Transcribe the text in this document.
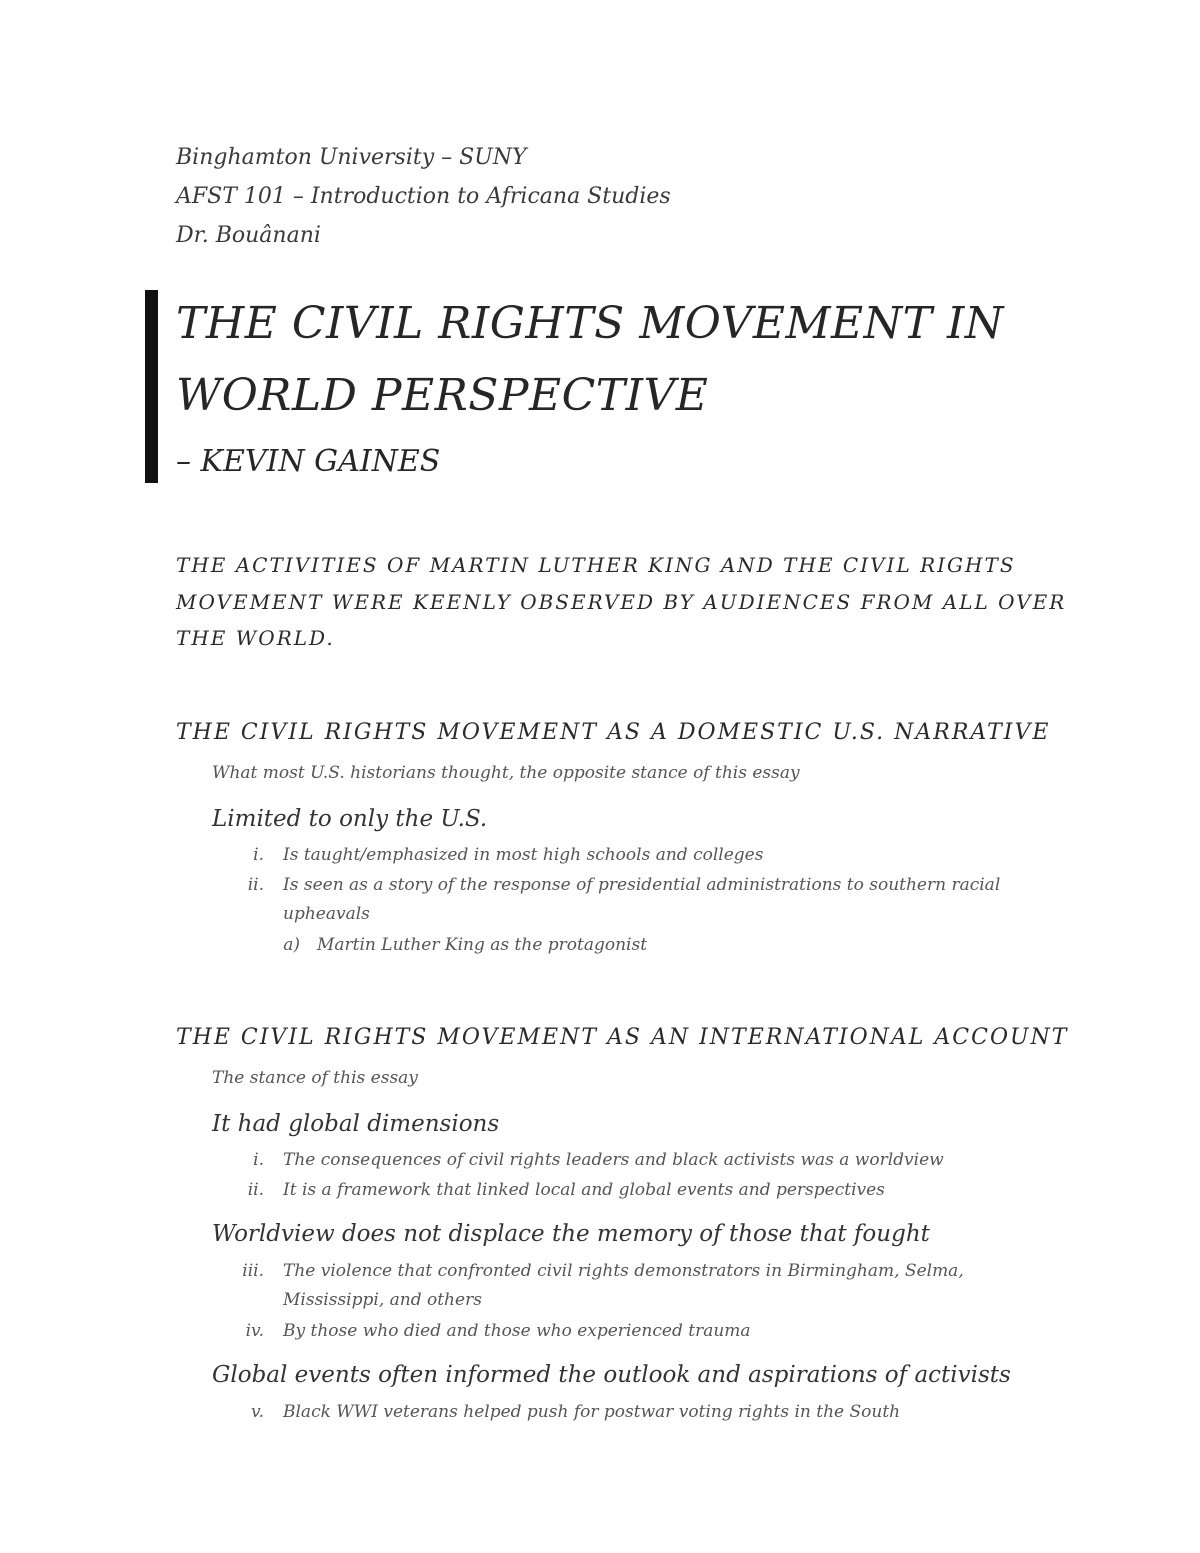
Binghamton University – SUNY
AFST 101 – Introduction to Africana Studies
Dr. Bouânani
THE CIVIL RIGHTS MOVEMENT IN
WORLD PERSPECTIVE
– KEVIN GAINES
THE ACTIVITIES OF MARTIN LUTHER KING AND THE CIVIL RIGHTS
MOVEMENT WERE KEENLY OBSERVED BY AUDIENCES FROM ALL OVER
THE WORLD.
THE CIVIL RIGHTS MOVEMENT AS A DOMESTIC U.S. NARRATIVE
What most U.S. historians thought, the opposite stance of this essay
Limited to only the U.S.
i. Is taught/emphasized in most high schools and colleges
ii. Is seen as a story of the response of presidential administrations to southern racial
upheavals
a) Martin Luther King as the protagonist
THE CIVIL RIGHTS MOVEMENT AS AN INTERNATIONAL ACCOUNT
The stance of this essay
It had global dimensions
i. The consequences of civil rights leaders and black activists was a worldview
ii. It is a framework that linked local and global events and perspectives
Worldview does not displace the memory of those that fought
iii. The violence that confronted civil rights demonstrators in Birmingham, Selma,
Mississippi, and others
iv. By those who died and those who experienced trauma
Global events often informed the outlook and aspirations of activists
v. Black WWI veterans helped push for postwar voting rights in the South
